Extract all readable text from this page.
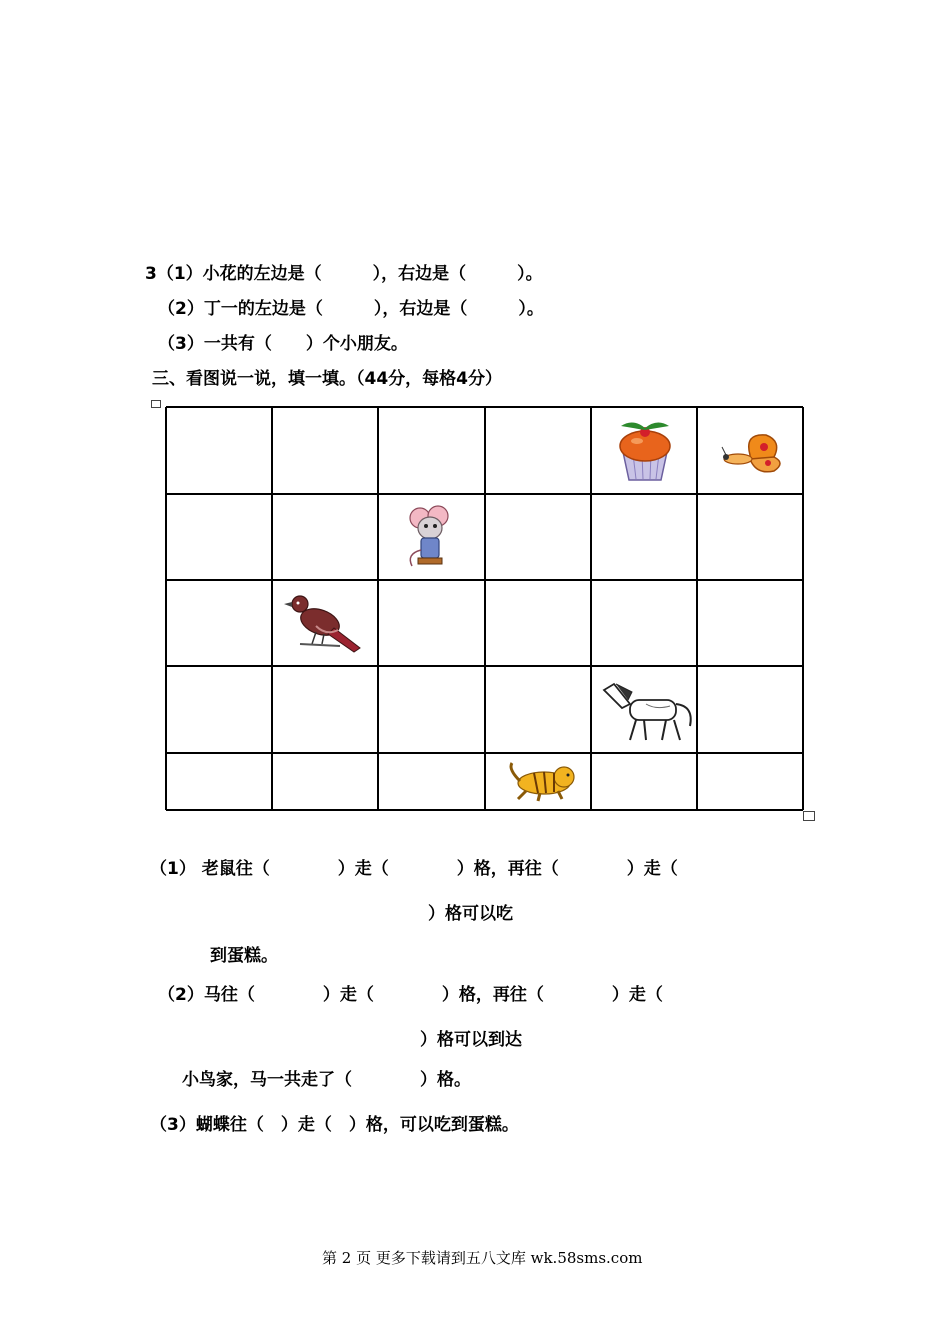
3（1）小花的左边是（　　　），右边是（　　　）。
（2）丁一的左边是（　　　），右边是（　　　）。
（3）一共有（　　）个小朋友。
三、看图说一说，填一填。（44分，每格4分）
（1） 老鼠往（　　　　）走（　　　　）格，再往（　　　　）走（
）格可以吃
到蛋糕。
（2）马往（　　　　）走（　　　　）格，再往（　　　　）走（
）格可以到达
小鸟家，马一共走了（　　　　）格。
（3）蝴蝶往（　）走（　）格，可以吃到蛋糕。
第 2 页 更多下载请到五八文库 wk.58sms.com
